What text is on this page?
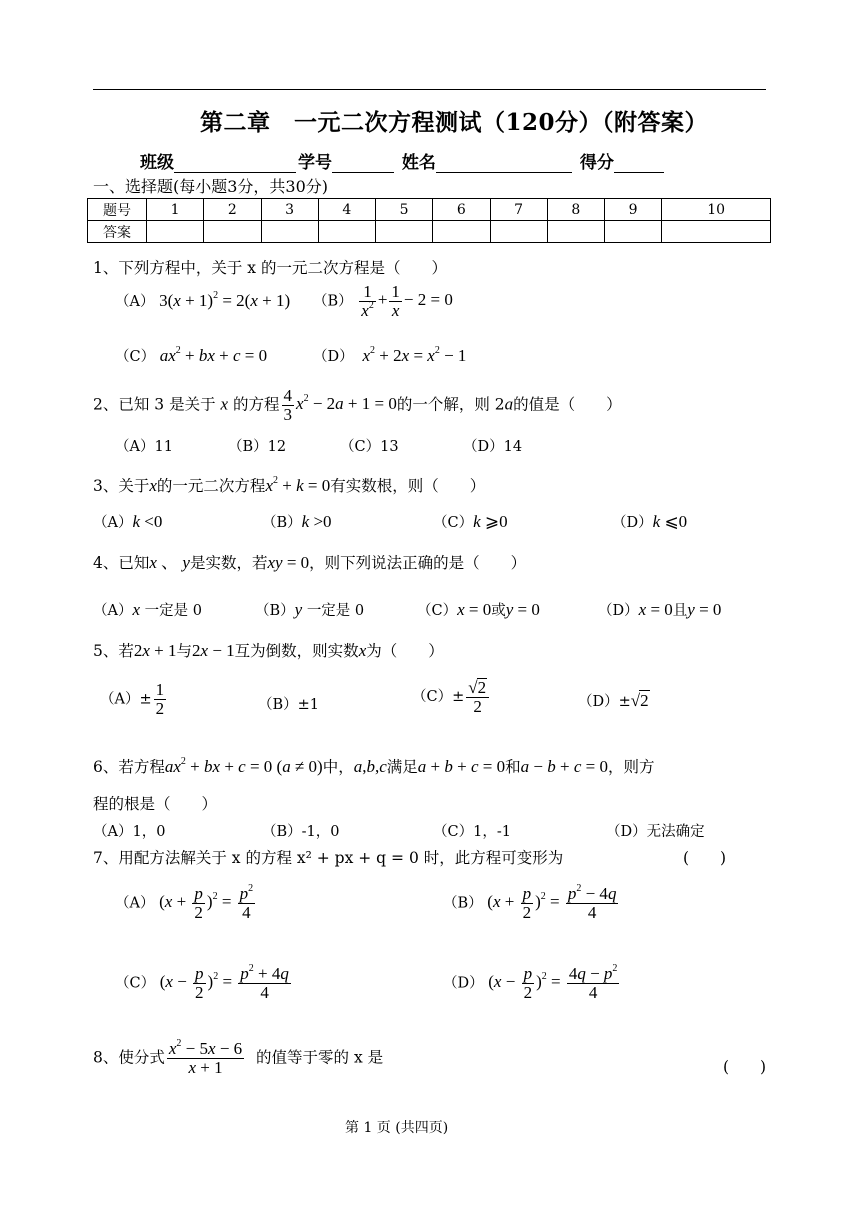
第二章　一元二次方程测试（120分）（附答案）
班级	学号	姓名	得分
一、选择题(每小题3分，共30分)
题号	1	2	3	4	5	6	7	8	9	10
答案										
1、下列方程中，关于 x 的一元二次方程是（　　）
（A） $3(x + 1)^2 = 2(x + 1)$ $(B) \frac{1}{x^2} + \frac{1}{x} - 2 = 0$
（C） $ax^2$ + bx + c = 0	（D） $x^2 + 2x = x^2 - 1$
2、已知 3 是关于 x 的方程 $\frac{4}{3} x^2 - 2a + 1 = 0$的一个解，则 2a的值是（　　）
（A）11	（B）12	（C）13	（D）14
3、关于x的一元二次方程$x^2 + k = 0$有实数根，则（　　）
（A）k <0	（B）k >0	（C）k ⩾0	（D）k ⩽0
4、已知x 、 y是实数，若xy = 0，则下列说法正确的是（　　）
（A）x 一定是 0	（B）y 一定是 0	（C）x = 0或y = 0	（D）x = 0且y = 0
5、若2x + 1与2x − 1互为倒数，则实数x为（　　）
$(A)\pm \frac{1}{2}$	（B）±1
$(C)\pm \frac{√2}{2}$	（D）±√2
6、若方程$ax^2$ + bx + c = 0 (a ≠ 0)中，a,b,c满足a + b + c = 0和a − b + c = 0，则方
程的根是（　　）
（A）1，0	（B）-1，0	（C）1，-1	（D）无法确定
7、用配方法解关于 x 的方程 x² + px + q = 0 时，此方程可变形为	(　　)
（A） $(x + \frac{p}{2} )^2 = \frac{p^2}{4}$	（B） $(x + \frac{p}{2} )^2 = \frac{p^2 - 4q}{4}$
（C） $(x - \frac{p}{2} )^2 = \frac{p^2 + 4q}{4}$	（D） $(x - \frac{p}{2} )^2 = \frac{4q - p^2}{4}$
8、使分式 $\frac{x^2 - 5x - 6}{x + 1}$ 的值等于零的 x 是
(　　)
第 1 页 (共四页)
